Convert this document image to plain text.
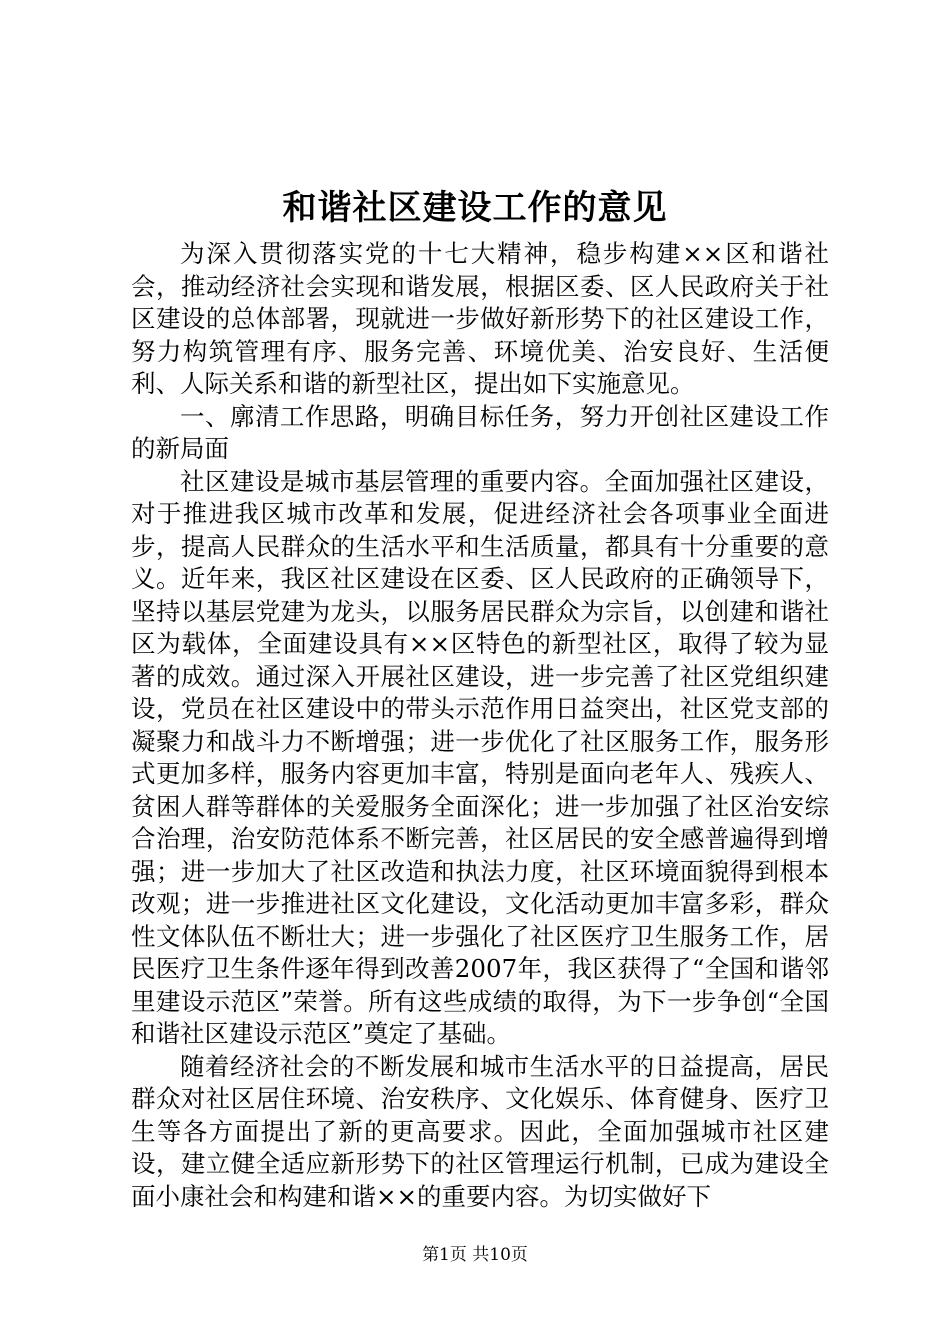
和谐社区建设工作的意见

为深入贯彻落实党的十七大精神，稳步构建××区和谐社会，推动经济社会实现和谐发展，根据区委、区人民政府关于社区建设的总体部署，现就进一步做好新形势下的社区建设工作，努力构筑管理有序、服务完善、环境优美、治安良好、生活便利、人际关系和谐的新型社区，提出如下实施意见。

一、廓清工作思路，明确目标任务，努力开创社区建设工作的新局面

社区建设是城市基层管理的重要内容。全面加强社区建设，对于推进我区城市改革和发展，促进经济社会各项事业全面进步，提高人民群众的生活水平和生活质量，都具有十分重要的意义。近年来，我区社区建设在区委、区人民政府的正确领导下，坚持以基层党建为龙头，以服务居民群众为宗旨，以创建和谐社区为载体，全面建设具有××区特色的新型社区，取得了较为显著的成效。通过深入开展社区建设，进一步完善了社区党组织建设，党员在社区建设中的带头示范作用日益突出，社区党支部的凝聚力和战斗力不断增强；进一步优化了社区服务工作，服务形式更加多样，服务内容更加丰富，特别是面向老年人、残疾人、贫困人群等群体的关爱服务全面深化；进一步加强了社区治安综合治理，治安防范体系不断完善，社区居民的安全感普遍得到增强；进一步加大了社区改造和执法力度，社区环境面貌得到根本改观；进一步推进社区文化建设，文化活动更加丰富多彩，群众性文体队伍不断壮大；进一步强化了社区医疗卫生服务工作，居民医疗卫生条件逐年得到改善2007年，我区获得了“全国和谐邻里建设示范区”荣誉。所有这些成绩的取得，为下一步争创“全国和谐社区建设示范区”奠定了基础。

随着经济社会的不断发展和城市生活水平的日益提高，居民群众对社区居住环境、治安秩序、文化娱乐、体育健身、医疗卫生等各方面提出了新的更高要求。因此，全面加强城市社区建设，建立健全适应新形势下的社区管理运行机制，已成为建设全面小康社会和构建和谐××的重要内容。为切实做好下

第1页 共10页
